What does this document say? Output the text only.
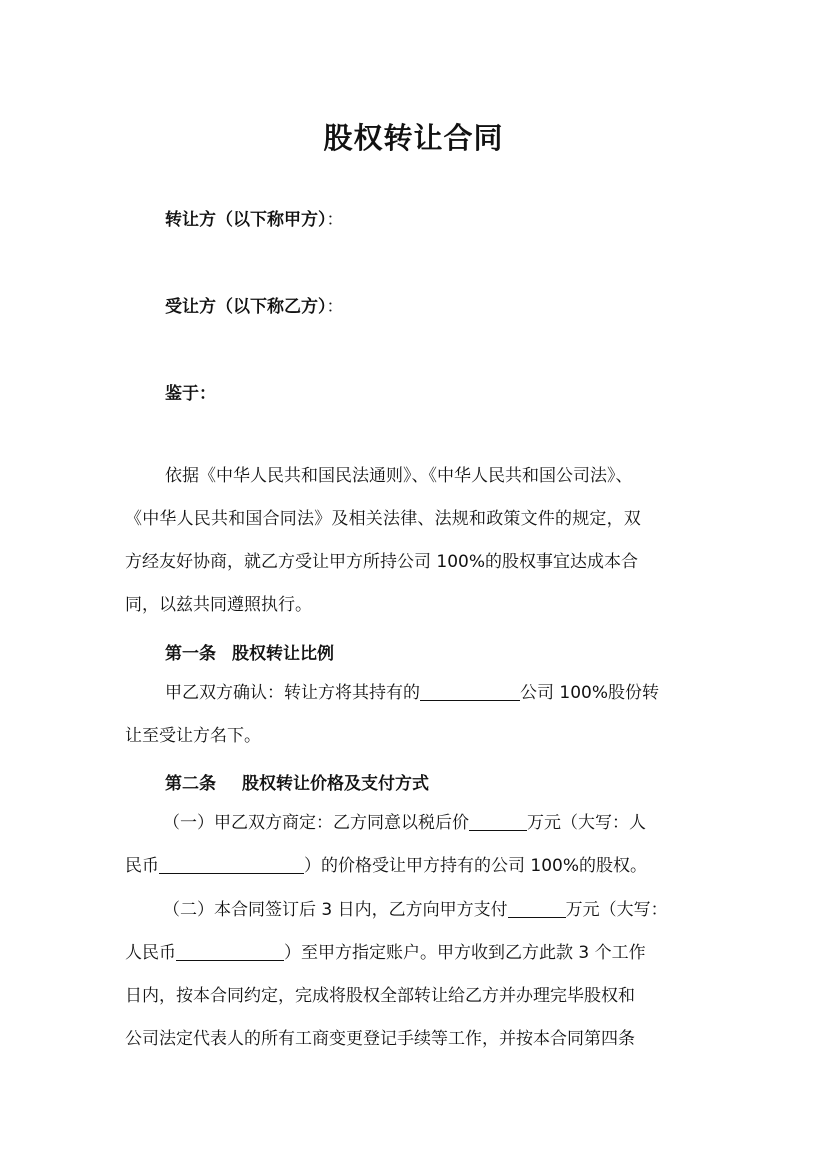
股权转让合同
转让方（以下称甲方）：
受让方（以下称乙方）：
鉴于：
依据《中华人民共和国民法通则》、《中华人民共和国公司法》、
《中华人民共和国合同法》及相关法律、法规和政策文件的规定，双
方经友好协商，就乙方受让甲方所持公司 100%的股权事宜达成本合
同，以兹共同遵照执行。
第一条 股权转让比例
甲乙双方确认：转让方将其持有的	公司 100%股份转
让至受让方名下。
第二条 股权转让价格及支付方式
（一）甲乙双方商定：乙方同意以税后价	万元（大写：人
民币	）的价格受让甲方持有的公司 100%的股权。
（二）本合同签订后 3 日内，乙方向甲方支付	万元（大写：
人民币	）至甲方指定账户。甲方收到乙方此款 3 个工作
日内，按本合同约定，完成将股权全部转让给乙方并办理完毕股权和
公司法定代表人的所有工商变更登记手续等工作，并按本合同第四条
